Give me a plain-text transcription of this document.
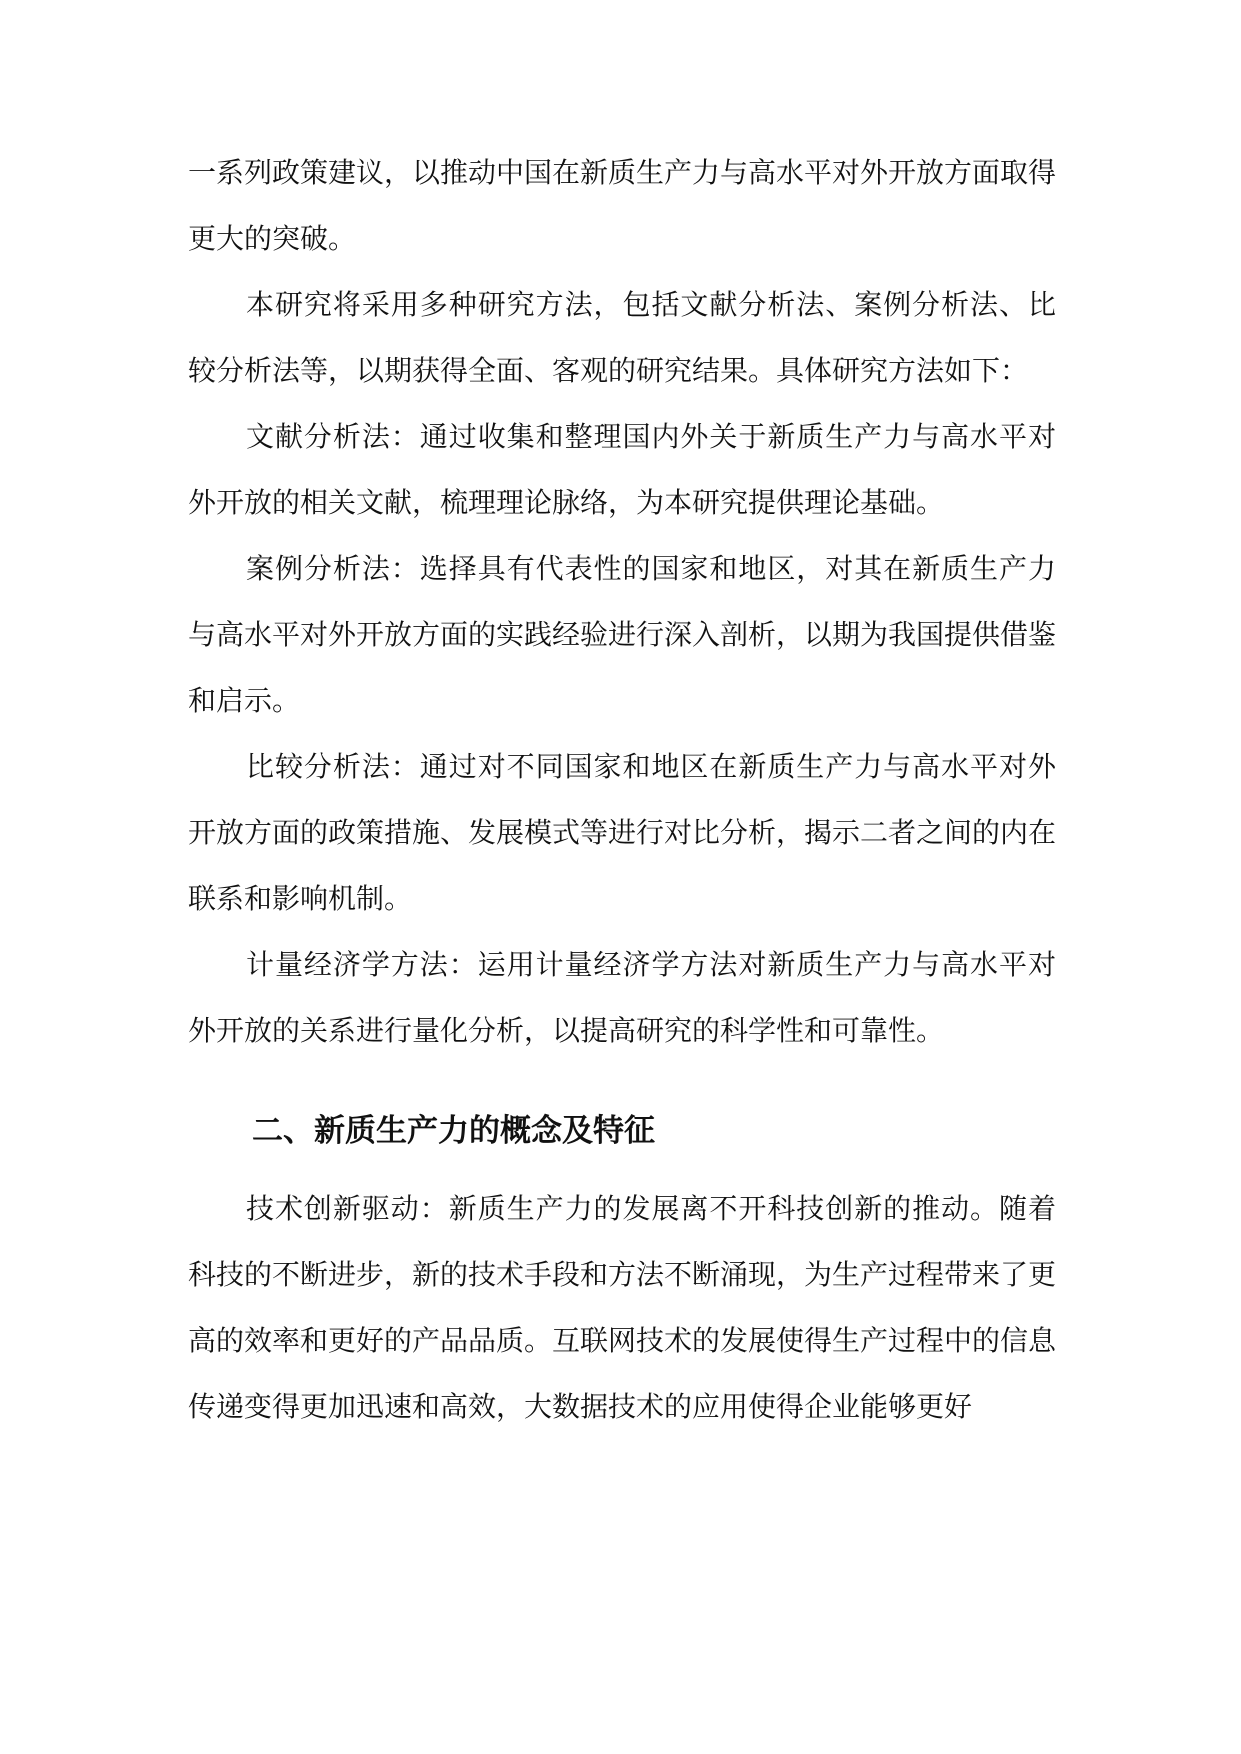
一系列政策建议，以推动中国在新质生产力与高水平对外开放方面取得更大的突破。

本研究将采用多种研究方法，包括文献分析法、案例分析法、比较分析法等，以期获得全面、客观的研究结果。具体研究方法如下：

文献分析法：通过收集和整理国内外关于新质生产力与高水平对外开放的相关文献，梳理理论脉络，为本研究提供理论基础。

案例分析法：选择具有代表性的国家和地区，对其在新质生产力与高水平对外开放方面的实践经验进行深入剖析，以期为我国提供借鉴和启示。

比较分析法：通过对不同国家和地区在新质生产力与高水平对外开放方面的政策措施、发展模式等进行对比分析，揭示二者之间的内在联系和影响机制。

计量经济学方法：运用计量经济学方法对新质生产力与高水平对外开放的关系进行量化分析，以提高研究的科学性和可靠性。

二、新质生产力的概念及特征

技术创新驱动：新质生产力的发展离不开科技创新的推动。随着科技的不断进步，新的技术手段和方法不断涌现，为生产过程带来了更高的效率和更好的产品品质。互联网技术的发展使得生产过程中的信息传递变得更加迅速和高效，大数据技术的应用使得企业能够更好
